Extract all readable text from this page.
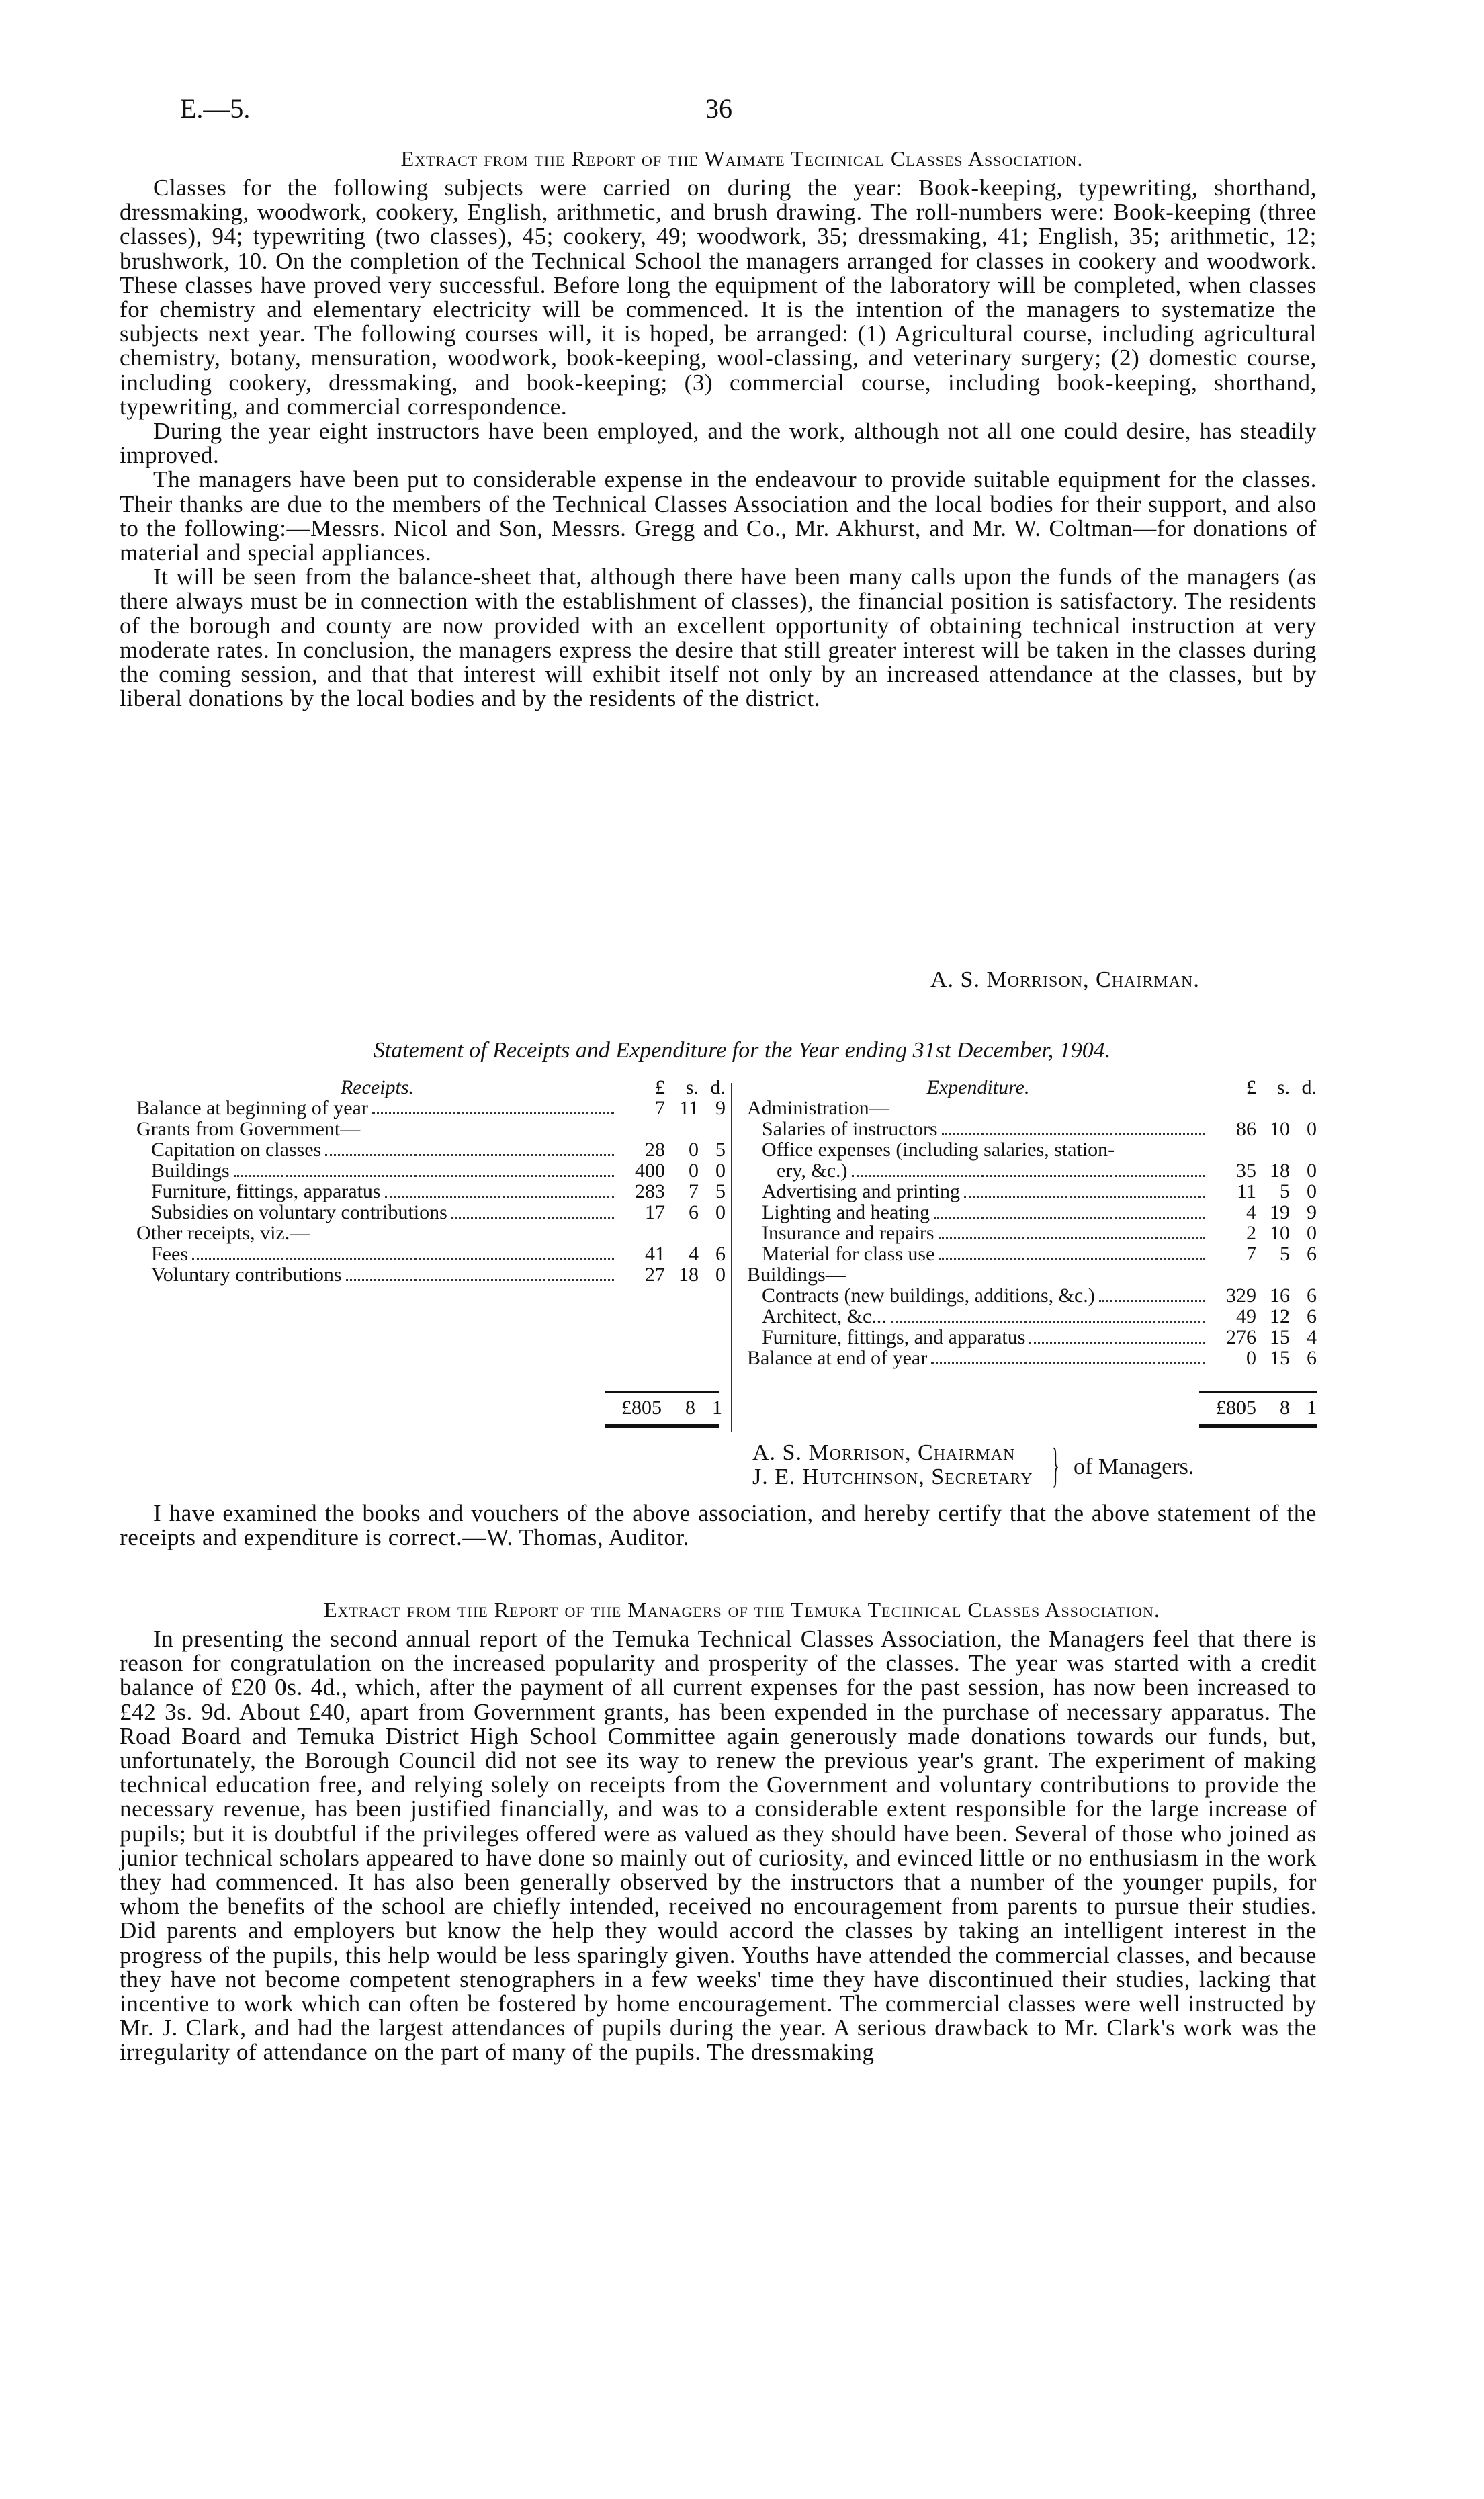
E.—5.	36
Extract from the Report of the Waimate Technical Classes Association.

Classes for the following subjects were carried on during the year: Book-keeping, typewriting, shorthand, dressmaking, woodwork, cookery, English, arithmetic, and brush drawing. The roll-numbers were: Book-keeping (three classes), 94; typewriting (two classes), 45; cookery, 49; woodwork, 35; dressmaking, 41; English, 35; arithmetic, 12; brushwork, 10. On the completion of the Technical School the managers arranged for classes in cookery and woodwork. These classes have proved very successful. Before long the equipment of the laboratory will be completed, when classes for chemistry and elementary electricity will be commenced. It is the intention of the managers to systematize the subjects next year. The following courses will, it is hoped, be arranged: (1) Agricultural course, including agricultural chemistry, botany, mensuration, woodwork, book-keeping, wool-classing, and veterinary surgery; (2) domestic course, including cookery, dressmaking, and book-keeping; (3) commercial course, including book-keeping, shorthand, typewriting, and commercial correspondence.

During the year eight instructors have been employed, and the work, although not all one could desire, has steadily improved.

The managers have been put to considerable expense in the endeavour to provide suitable equipment for the classes. Their thanks are due to the members of the Technical Classes Association and the local bodies for their support, and also to the following:—Messrs. Nicol and Son, Messrs. Gregg and Co., Mr. Akhurst, and Mr. W. Coltman—for donations of material and special appliances.

It will be seen from the balance-sheet that, although there have been many calls upon the funds of the managers (as there always must be in connection with the establishment of classes), the financial position is satisfactory. The residents of the borough and county are now provided with an excellent opportunity of obtaining technical instruction at very moderate rates. In conclusion, the managers express the desire that still greater interest will be taken in the classes during the coming session, and that that interest will exhibit itself not only by an increased attendance at the classes, but by liberal donations by the local bodies and by the residents of the district.

A. S. Morrison, Chairman.
Statement of Receipts and Expenditure for the Year ending 31st December, 1904.
Receipts.	£	s. d.
Balance at beginning of year	7 11 9
Grants from Government—
Capitation on classes	28	0 5
Buildings	400	0 0
Furniture, fittings, apparatus	283	7 5
Subsidies on voluntary contributions	17	6 0
Other receipts, viz.—
Fees	41	4 6
Voluntary contributions	27 18 0
Expenditure.	£	s. d.
Administration—
Salaries of instructors	86 10 0
Office expenses (including salaries, station-
ery, &c.)	35 18 0
Advertising and printing	11	5 0
Lighting and heating	4 19 9
Insurance and repairs	2 10 0
Material for class use	7	5 6
Buildings—
Contracts (new buildings, additions, &c.)	329 16 6
Architect, &c...	49 12 6
Furniture, fittings, and apparatus	276 15 4
Balance at end of year	0 15 6
£805	8 1	£805	8 1
A. S. Morrison, Chairman
J. E. Hutchinson, Secretary } of Managers.

I have examined the books and vouchers of the above association, and hereby certify that the above statement of the receipts and expenditure is correct.—W. Thomas, Auditor.

Extract from the Report of the Managers of the Temuka Technical Classes Association.

In presenting the second annual report of the Temuka Technical Classes Association, the Managers feel that there is reason for congratulation on the increased popularity and prosperity of the classes. The year was started with a credit balance of £20 0s. 4d., which, after the payment of all current expenses for the past session, has now been increased to £42 3s. 9d. About £40, apart from Government grants, has been expended in the purchase of necessary apparatus. The Road Board and Temuka District High School Committee again generously made donations towards our funds, but, unfortunately, the Borough Council did not see its way to renew the previous year's grant. The experiment of making technical education free, and relying solely on receipts from the Government and voluntary contributions to provide the necessary revenue, has been justified financially, and was to a considerable extent responsible for the large increase of pupils; but it is doubtful if the privileges offered were as valued as they should have been. Several of those who joined as junior technical scholars appeared to have done so mainly out of curiosity, and evinced little or no enthusiasm in the work they had commenced. It has also been generally observed by the instructors that a number of the younger pupils, for whom the benefits of the school are chiefly intended, received no encouragement from parents to pursue their studies. Did parents and employers but know the help they would accord the classes by taking an intelligent interest in the progress of the pupils, this help would be less sparingly given. Youths have attended the commercial classes, and because they have not become competent stenographers in a few weeks' time they have discontinued their studies, lacking that incentive to work which can often be fostered by home encouragement. The commercial classes were well instructed by Mr. J. Clark, and had the largest attendances of pupils during the year. A serious drawback to Mr. Clark's work was the irregularity of attendance on the part of many of the pupils. The dressmaking
